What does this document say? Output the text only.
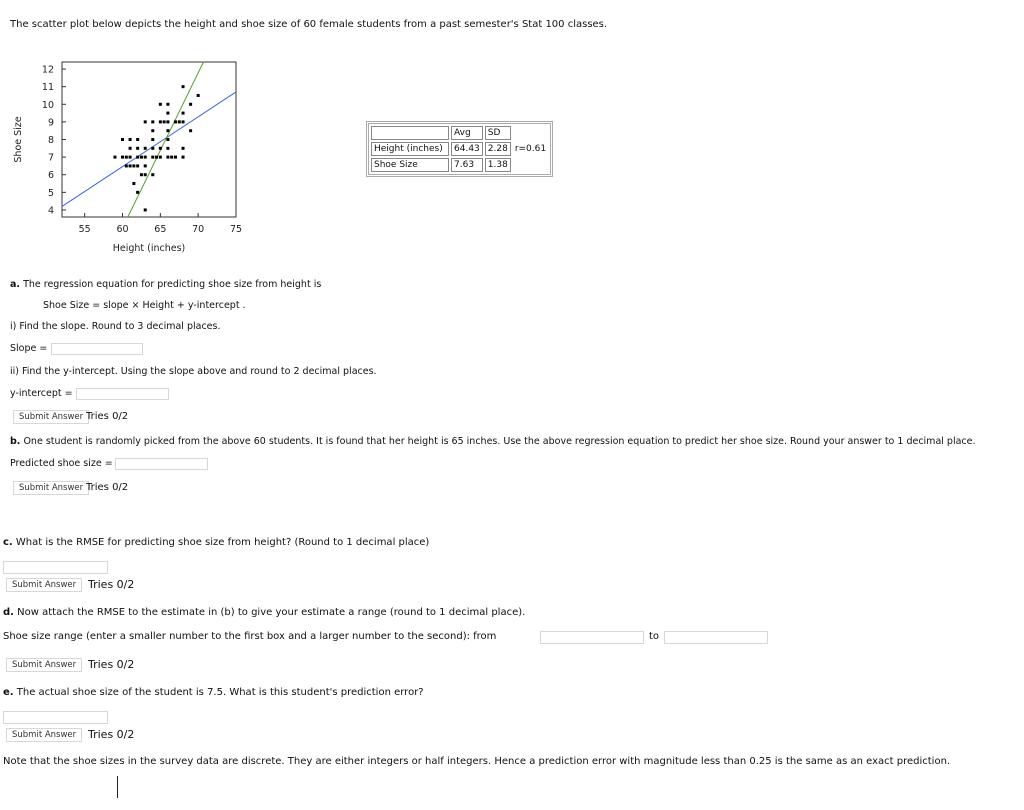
The scatter plot below depicts the height and shoe size of 60 female students from a past semester's Stat 100 classes.
4
5
6
7
8
9
10
11
12
55	60	65	70	75
Height (inches)
Shoe Size
		Avg	SD	
Height (inches)	64.43	2.28	r=0.61
Shoe Size	7.63	1.38	
a. The regression equation for predicting shoe size from height is
Shoe Size = slope × Height + y-intercept .
i) Find the slope. Round to 3 decimal places.
Slope =
ii) Find the y-intercept. Using the slope above and round to 2 decimal places.
y-intercept =
Submit Answer Tries 0/2
b. One student is randomly picked from the above 60 students. It is found that her height is 65 inches. Use the above regression equation to predict her shoe size. Round your answer to 1 decimal place.
Predicted shoe size =
Submit Answer Tries 0/2
c. What is the RMSE for predicting shoe size from height? (Round to 1 decimal place)
Submit Answer	Tries 0/2
d. Now attach the RMSE to the estimate in (b) to give your estimate a range (round to 1 decimal place).
Shoe size range (enter a smaller number to the first box and a larger number to the second): from	to
Submit Answer	Tries 0/2
e. The actual shoe size of the student is 7.5. What is this student's prediction error?
Submit Answer	Tries 0/2
Note that the shoe sizes in the survey data are discrete. They are either integers or half integers. Hence a prediction error with magnitude less than 0.25 is the same as an exact prediction.
